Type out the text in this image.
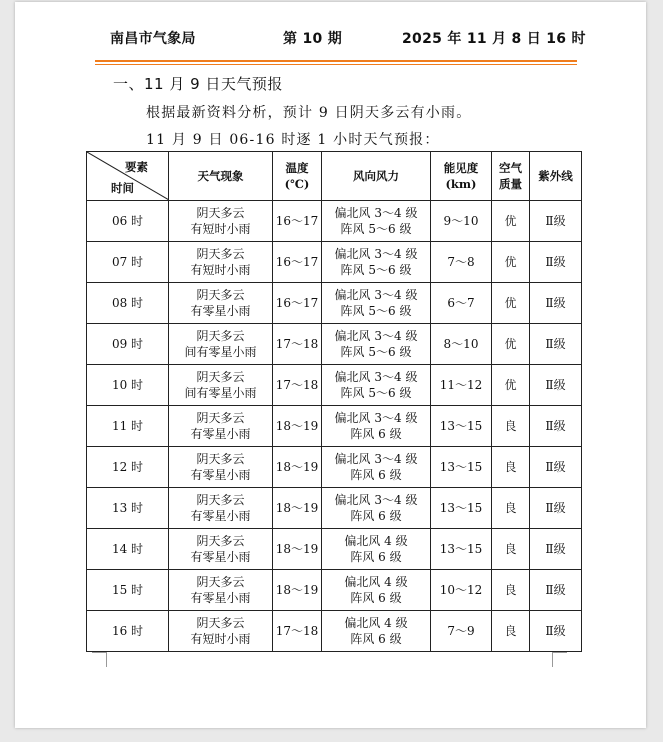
南昌市气象局	第 10 期	2025 年 11 月 8 日 16 时
一、11 月 9 日天气预报
根据最新资料分析，预计 9 日阴天多云有小雨。
11 月 9 日 06-16 时逐 1 小时天气预报：
要素
时间	天气现象	温度
(℃)	风向风力	能见度
(km)	空气
质量	紫外线
06 时	阴天多云
有短时小雨	16～17	偏北风 3～4 级
阵风 5～6 级	9～10	优	Ⅱ级
07 时	阴天多云
有短时小雨	16～17	偏北风 3～4 级
阵风 5～6 级	7～8	优	Ⅱ级
08 时	阴天多云
有零星小雨	16～17	偏北风 3～4 级
阵风 5～6 级	6～7	优	Ⅱ级
09 时	阴天多云
间有零星小雨	17～18	偏北风 3～4 级
阵风 5～6 级	8～10	优	Ⅱ级
10 时	阴天多云
间有零星小雨	17～18	偏北风 3～4 级
阵风 5～6 级	11～12	优	Ⅱ级
11 时	阴天多云
有零星小雨	18～19	偏北风 3～4 级
阵风 6 级	13～15	良	Ⅱ级
12 时	阴天多云
有零星小雨	18～19	偏北风 3～4 级
阵风 6 级	13～15	良	Ⅱ级
13 时	阴天多云
有零星小雨	18～19	偏北风 3～4 级
阵风 6 级	13～15	良	Ⅱ级
14 时	阴天多云
有零星小雨	18～19	偏北风 4 级
阵风 6 级	13～15	良	Ⅱ级
15 时	阴天多云
有零星小雨	18～19	偏北风 4 级
阵风 6 级	10～12	良	Ⅱ级
16 时	阴天多云
有短时小雨	17～18	偏北风 4 级
阵风 6 级	7～9	良	Ⅱ级
